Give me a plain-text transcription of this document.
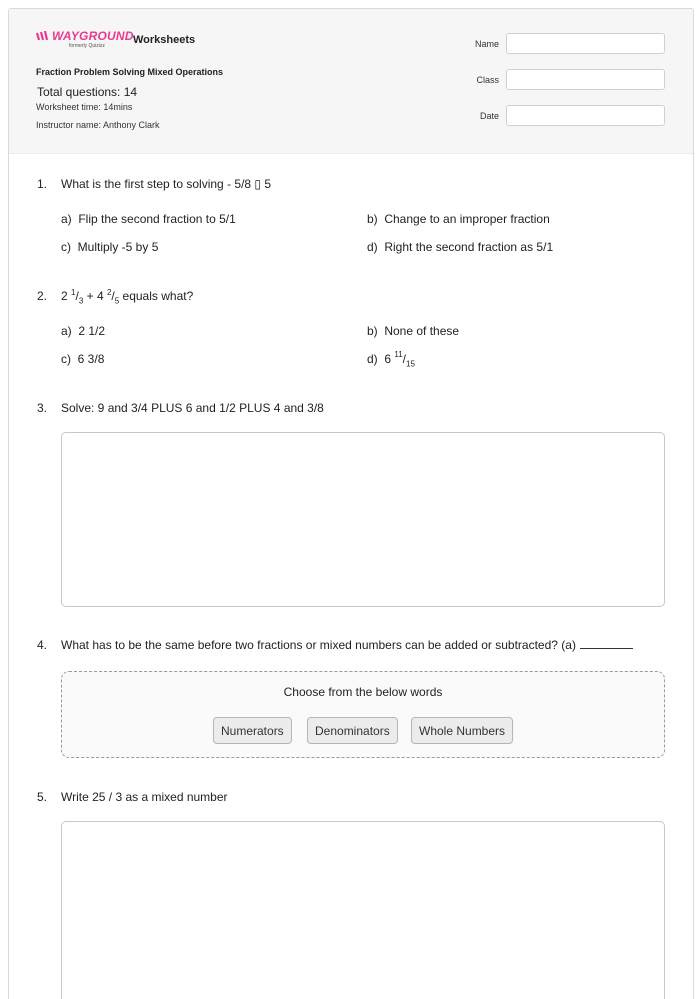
WAYGROUND
formerly Quizizz	Worksheets
Fraction Problem Solving Mixed Operations
Total questions: 14
Worksheet time: 14mins
Instructor name: Anthony Clark
Name
Class
Date
1.	What is the first step to solving - 5/8 ▯ 5
a) Flip the second fraction to 5/1	b) Change to an improper fraction
c) Multiply -5 by 5	d) Right the second fraction as 5/1
2.	2 $^1/_3 + 4$ $^2/_5$ equals what?
a) 2 1/2	b) None of these
c) 6 3/8	d) 6 $^{11}/_{15}$
3.	Solve: 9 and 3/4 PLUS 6 and 1/2 PLUS 4 and 3/8
4.	What has to be the same before two fractions or mixed numbers can be added or subtracted? (a)
Choose from the below words
Numerators	Denominators	Whole Numbers
5.	Write 25 / 3 as a mixed number
